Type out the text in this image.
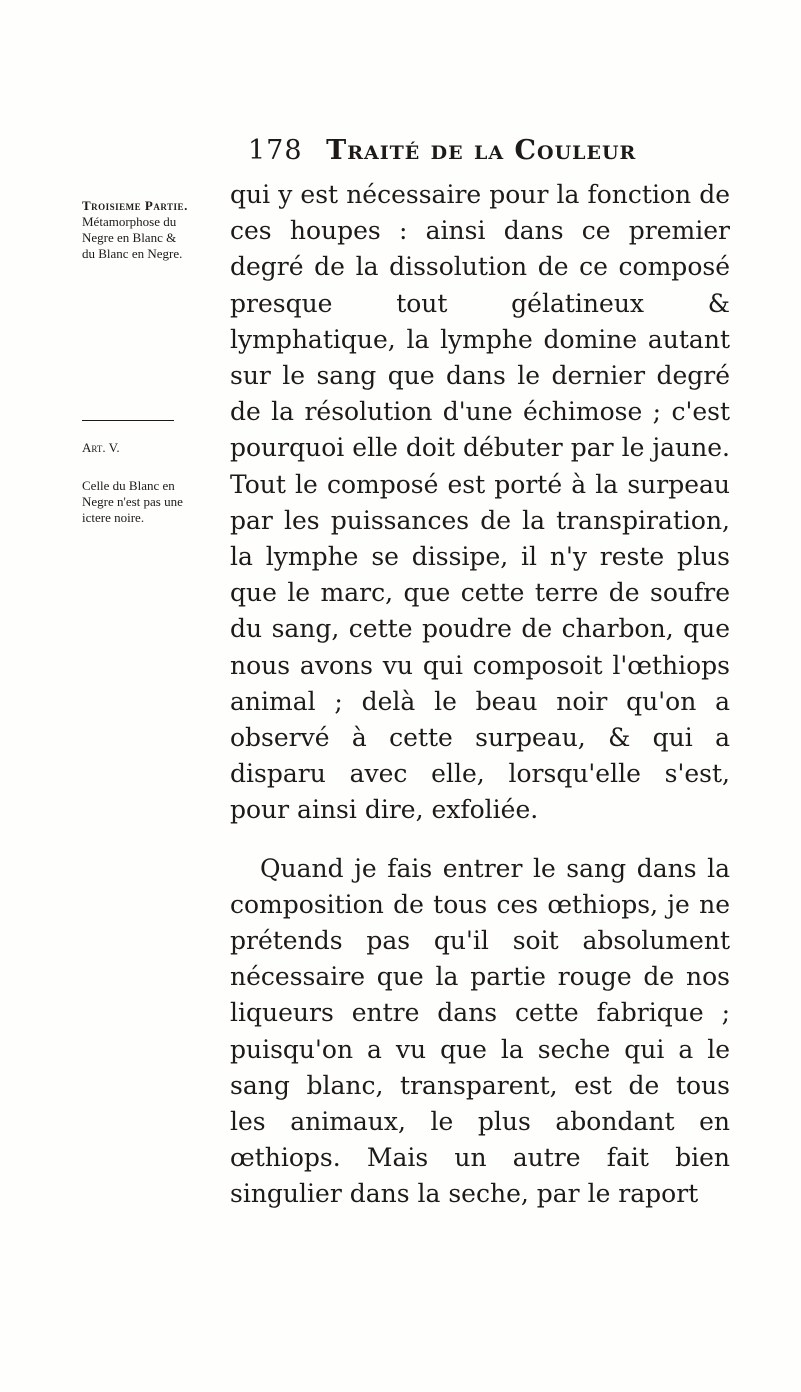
178 Traité de la Couleur

Troisieme Partie.
Métamorphose du Negre en Blanc & du Blanc en Negre.

Art. V.

Celle du Blanc en Negre n'est pas une ictere noire.

qui y est nécessaire pour la fonction de ces houpes : ainsi dans ce premier degré de la dissolution de ce composé presque tout gélatineux & lymphatique, la lymphe domine autant sur le sang que dans le dernier degré de la résolution d'une échimose ; c'est pourquoi elle doit débuter par le jaune. Tout le composé est porté à la surpeau par les puissances de la transpiration, la lymphe se dissipe, il n'y reste plus que le marc, que cette terre de soufre du sang, cette poudre de charbon, que nous avons vu qui composoit l'œthiops animal ; delà le beau noir qu'on a observé à cette surpeau, & qui a disparu avec elle, lorsqu'elle s'est, pour ainsi dire, exfoliée.

Quand je fais entrer le sang dans la composition de tous ces œthiops, je ne prétends pas qu'il soit absolument nécessaire que la partie rouge de nos liqueurs entre dans cette fabrique ; puisqu'on a vu que la seche qui a le sang blanc, transparent, est de tous les animaux, le plus abondant en œthiops. Mais un autre fait bien singulier dans la seche, par le raport
